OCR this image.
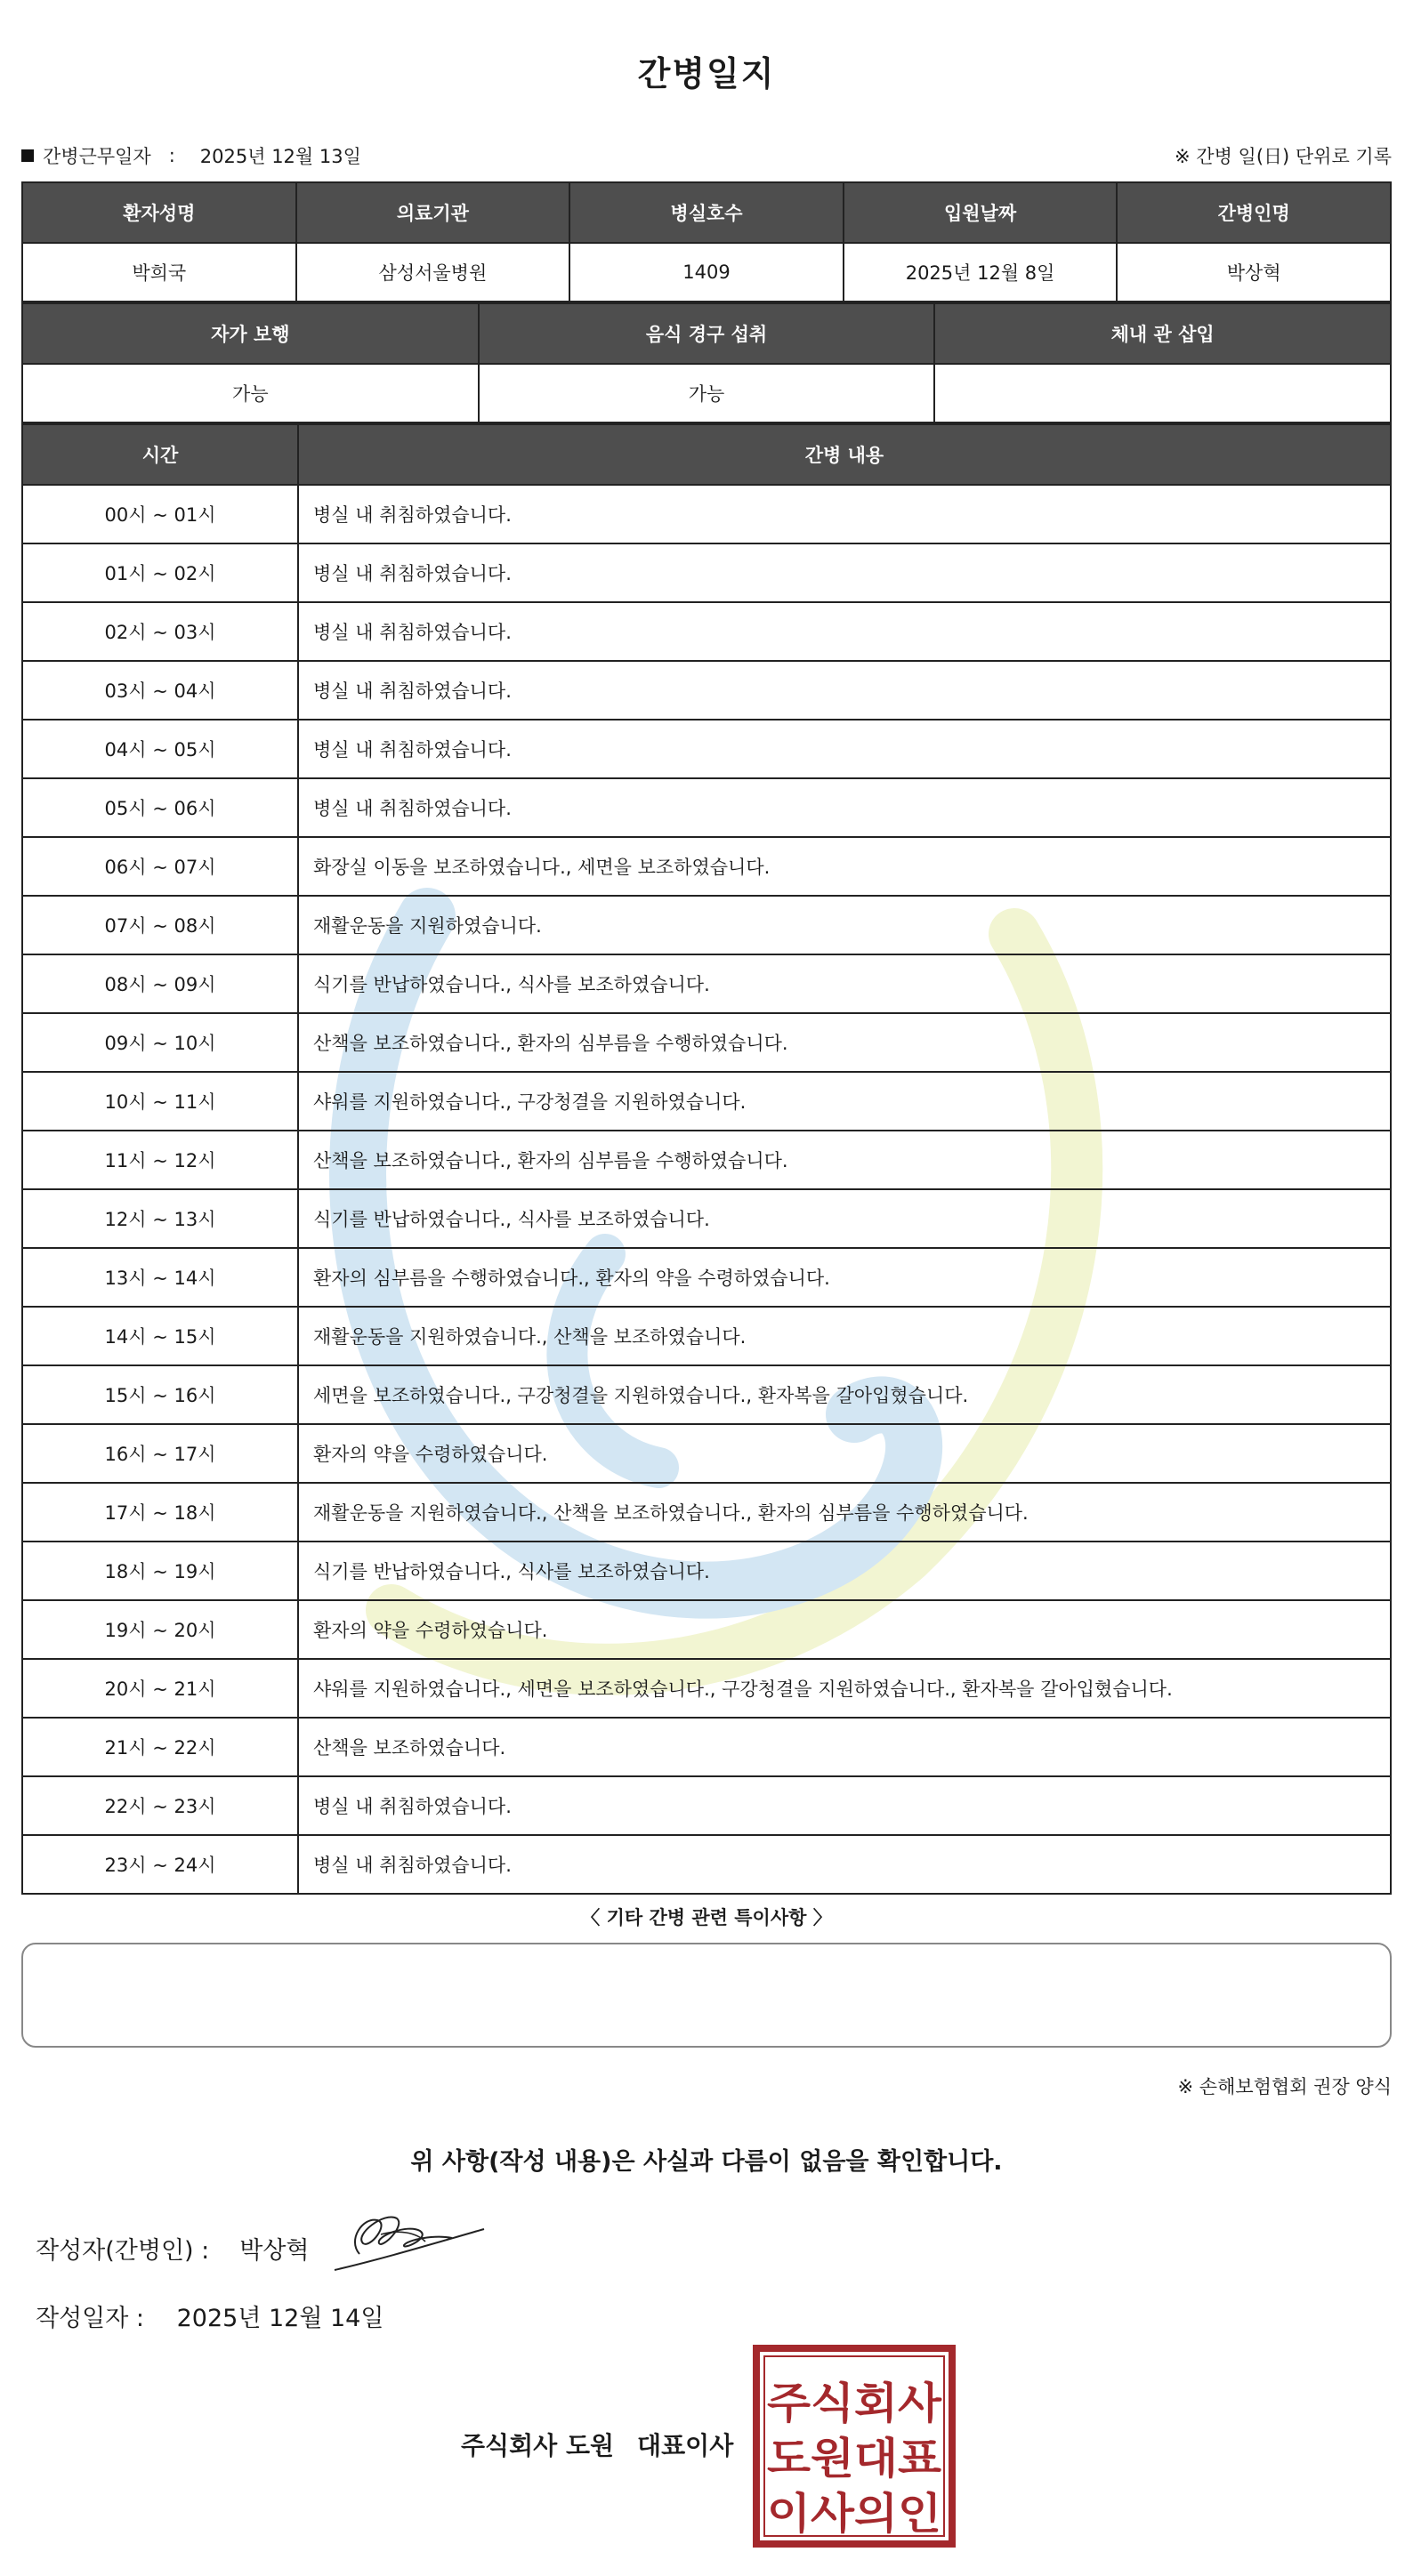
간병일지
간병근무일자 : 2025년 12월 13일	※ 간병 일(日) 단위로 기록
환자성명	의료기관	병실호수	입원날짜	간병인명
박희국	삼성서울병원	1409	2025년 12월 8일	박상혁
자가 보행	음식 경구 섭취	체내 관 삽입
가능	가능	
시간	간병 내용
00시 ~ 01시	병실 내 취침하였습니다.
01시 ~ 02시	병실 내 취침하였습니다.
02시 ~ 03시	병실 내 취침하였습니다.
03시 ~ 04시	병실 내 취침하였습니다.
04시 ~ 05시	병실 내 취침하였습니다.
05시 ~ 06시	병실 내 취침하였습니다.
06시 ~ 07시	화장실 이동을 보조하였습니다., 세면을 보조하였습니다.
07시 ~ 08시	재활운동을 지원하였습니다.
08시 ~ 09시	식기를 반납하였습니다., 식사를 보조하였습니다.
09시 ~ 10시	산책을 보조하였습니다., 환자의 심부름을 수행하였습니다.
10시 ~ 11시	샤워를 지원하였습니다., 구강청결을 지원하였습니다.
11시 ~ 12시	산책을 보조하였습니다., 환자의 심부름을 수행하였습니다.
12시 ~ 13시	식기를 반납하였습니다., 식사를 보조하였습니다.
13시 ~ 14시	환자의 심부름을 수행하였습니다., 환자의 약을 수령하였습니다.
14시 ~ 15시	재활운동을 지원하였습니다., 산책을 보조하였습니다.
15시 ~ 16시	세면을 보조하였습니다., 구강청결을 지원하였습니다., 환자복을 갈아입혔습니다.
16시 ~ 17시	환자의 약을 수령하였습니다.
17시 ~ 18시	재활운동을 지원하였습니다., 산책을 보조하였습니다., 환자의 심부름을 수행하였습니다.
18시 ~ 19시	식기를 반납하였습니다., 식사를 보조하였습니다.
19시 ~ 20시	환자의 약을 수령하였습니다.
20시 ~ 21시	샤워를 지원하였습니다., 세면을 보조하였습니다., 구강청결을 지원하였습니다., 환자복을 갈아입혔습니다.
21시 ~ 22시	산책을 보조하였습니다.
22시 ~ 23시	병실 내 취침하였습니다.
23시 ~ 24시	병실 내 취침하였습니다.
〈 기타 간병 관련 특이사항 〉
※ 손해보험협회 권장 양식
위 사항(작성 내용)은 사실과 다름이 없음을 확인합니다.
작성자(간병인) : 박상혁
작성일자 : 2025년 12월 14일
주식회사 도원 대표이사
주식회사
도원대표
이사의인
